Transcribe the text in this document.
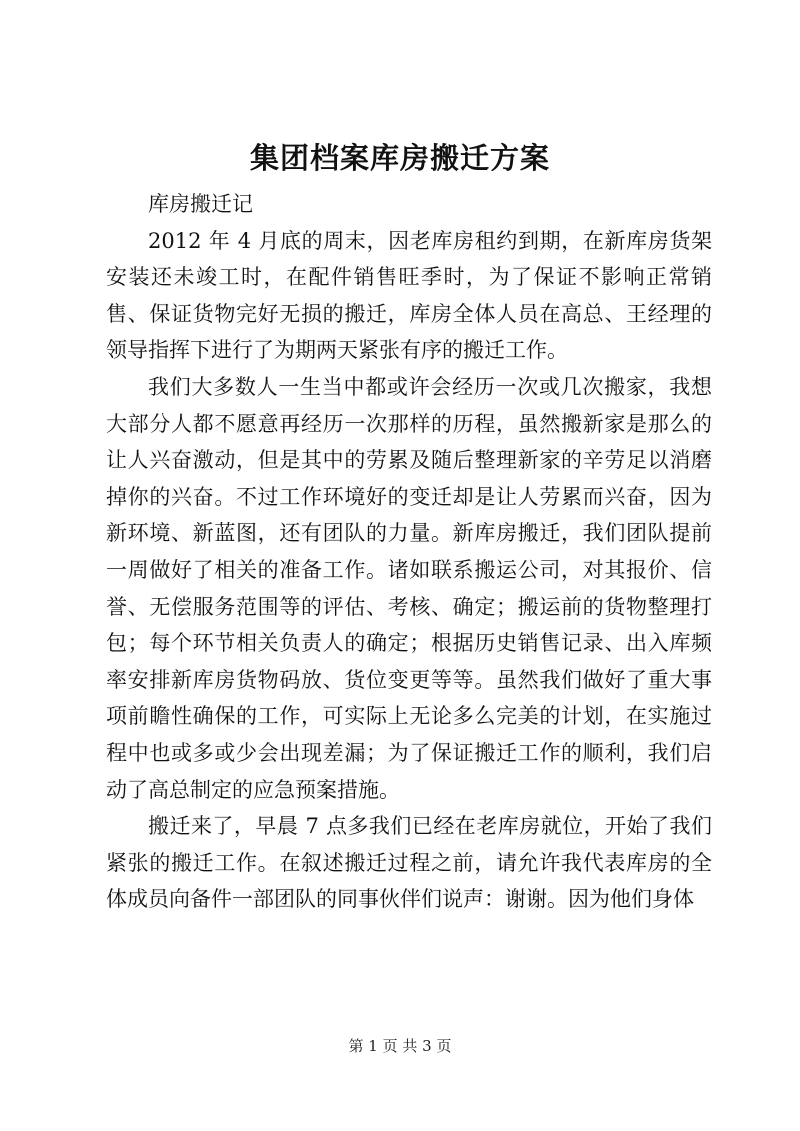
集团档案库房搬迁方案

库房搬迁记

2012 年 4 月底的周末，因老库房租约到期，在新库房货架安装还未竣工时，在配件销售旺季时，为了保证不影响正常销售、保证货物完好无损的搬迁，库房全体人员在高总、王经理的领导指挥下进行了为期两天紧张有序的搬迁工作。

我们大多数人一生当中都或许会经历一次或几次搬家，我想大部分人都不愿意再经历一次那样的历程，虽然搬新家是那么的让人兴奋激动，但是其中的劳累及随后整理新家的辛劳足以消磨掉你的兴奋。不过工作环境好的变迁却是让人劳累而兴奋，因为新环境、新蓝图，还有团队的力量。新库房搬迁，我们团队提前一周做好了相关的准备工作。诸如联系搬运公司，对其报价、信誉、无偿服务范围等的评估、考核、确定；搬运前的货物整理打包；每个环节相关负责人的确定；根据历史销售记录、出入库频率安排新库房货物码放、货位变更等等。虽然我们做好了重大事项前瞻性确保的工作，可实际上无论多么完美的计划，在实施过程中也或多或少会出现差漏；为了保证搬迁工作的顺利，我们启动了高总制定的应急预案措施。

搬迁来了，早晨 7 点多我们已经在老库房就位，开始了我们紧张的搬迁工作。在叙述搬迁过程之前，请允许我代表库房的全体成员向备件一部团队的同事伙伴们说声：谢谢。因为他们身体

第 1 页 共 3 页
